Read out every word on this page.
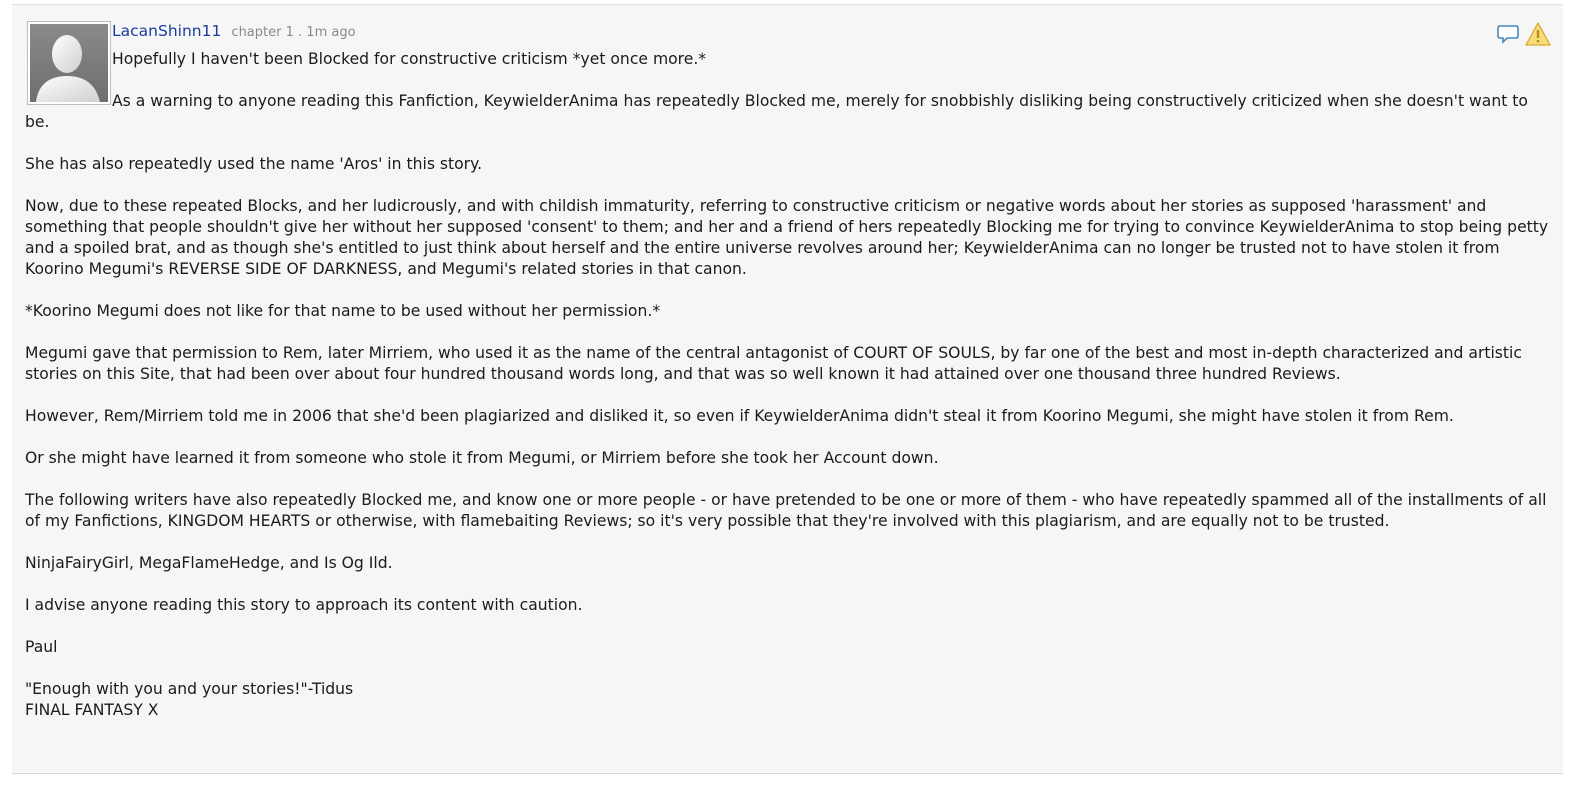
LacanShinn11 chapter 1 . 1m ago

Hopefully I haven't been Blocked for constructive criticism *yet once more.*

As a warning to anyone reading this Fanfiction, KeywielderAnima has repeatedly Blocked me, merely for snobbishly disliking being constructively criticized when she doesn't want to be.

She has also repeatedly used the name 'Aros' in this story.

Now, due to these repeated Blocks, and her ludicrously, and with childish immaturity, referring to constructive criticism or negative words about her stories as supposed 'harassment' and something that people shouldn't give her without her supposed 'consent' to them; and her and a friend of hers repeatedly Blocking me for trying to convince KeywielderAnima to stop being petty and a spoiled brat, and as though she's entitled to just think about herself and the entire universe revolves around her; KeywielderAnima can no longer be trusted not to have stolen it from Koorino Megumi's REVERSE SIDE OF DARKNESS, and Megumi's related stories in that canon.

*Koorino Megumi does not like for that name to be used without her permission.*

Megumi gave that permission to Rem, later Mirriem, who used it as the name of the central antagonist of COURT OF SOULS, by far one of the best and most in-depth characterized and artistic stories on this Site, that had been over about four hundred thousand words long, and that was so well known it had attained over one thousand three hundred Reviews.

However, Rem/Mirriem told me in 2006 that she'd been plagiarized and disliked it, so even if KeywielderAnima didn't steal it from Koorino Megumi, she might have stolen it from Rem.

Or she might have learned it from someone who stole it from Megumi, or Mirriem before she took her Account down.

The following writers have also repeatedly Blocked me, and know one or more people - or have pretended to be one or more of them - who have repeatedly spammed all of the installments of all of my Fanfictions, KINGDOM HEARTS or otherwise, with flamebaiting Reviews; so it's very possible that they're involved with this plagiarism, and are equally not to be trusted.

NinjaFairyGirl, MegaFlameHedge, and Is Og Ild.

I advise anyone reading this story to approach its content with caution.

Paul

"Enough with you and your stories!"-Tidus

FINAL FANTASY X
